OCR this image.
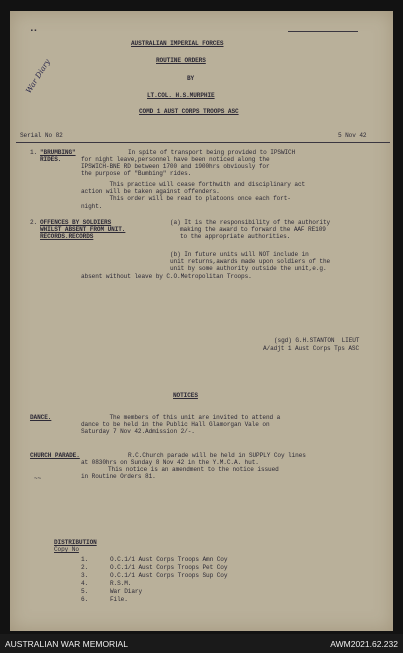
▪▪
AUSTRALIAN IMPERIAL FORCES
ROUTINE ORDERS
BY
LT.COL. H.S.MURPHIE
COMD 1 AUST CORPS TROOPS ASC
War Diary
Serial No 82	5 Nov 42
1. "BRUMBING"
RIDES.
In spite of transport being provided to IPSWICH
for night leave,personnel have been noticed along the
IPSWICH-BNE RD between 1700 and 1900hrs obviously for
the purpose of "Bumbing" rides.
This practice will cease forthwith and disciplinary act
action will be taken against offenders.
This order will be read to platoons once each fort-
night.
2. OFFENCES BY SOLDIERS
WHILST ABSENT FROM UNIT.
RECORDS.RECORDS
(a) It is the responsibility of the authority
making the award to forward the AAF RE109
to the appropriate authorities.
(b) In future units will NOT include in
unit returns,awards made upon soldiers of the
unit by some authority outside the unit,e.g.
absent without leave by C.O.Metropolitan Troops.
(sgd) G.H.STANTON  LIEUT
A/adjt 1 Aust Corps Tps ASC
NOTICES
DANCE.	The members of this unit are invited to attend a
dance to be held in the Public Hall Glamorgan Vale on
Saturday 7 Nov 42.Admission 2/-.
CHURCH PARADE.	R.C.Church parade will be held in SUPPLY Coy lines
at 0830hrs on Sunday 8 Nov 42 in the Y.M.C.A. hut.
This notice is an amendment to the notice issued
in Routine Orders 81.
~~
DISTRIBUTION
Copy No
1.	O.C.1/1 Aust Corps Troops Amn Coy
2.	O.C.1/1 Aust Corps Troops Pet Coy
3.	O.C.1/1 Aust Corps Troops Sup Coy
4.	R.S.M.
5.	War Diary
6.	File.
AUSTRALIAN WAR MEMORIAL	AWM2021.62.232
